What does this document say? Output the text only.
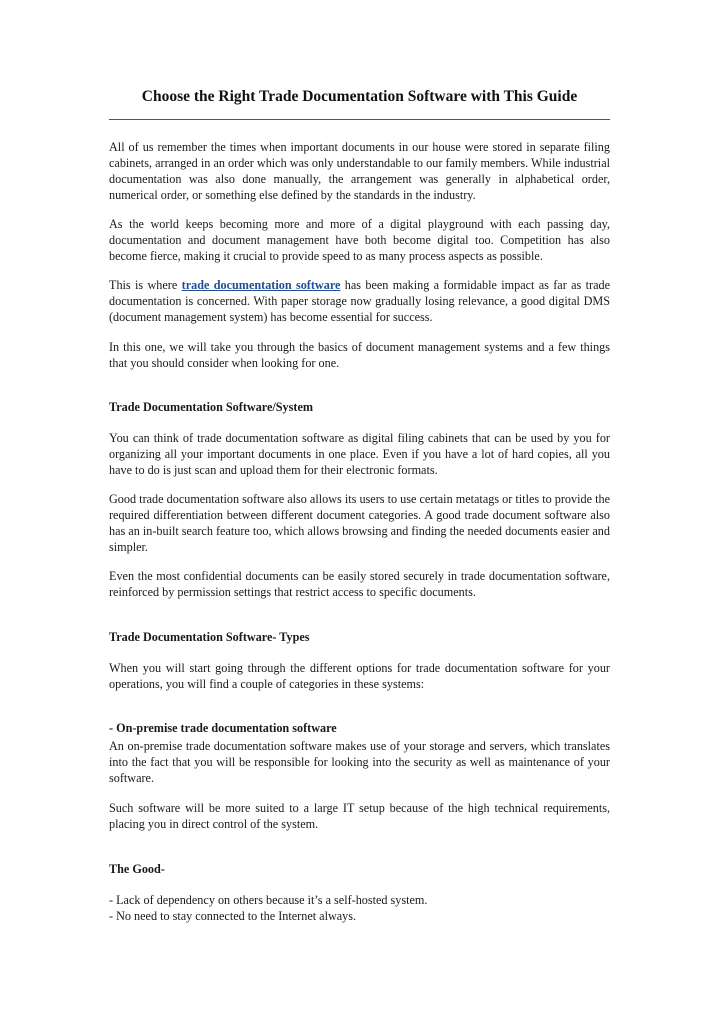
Choose the Right Trade Documentation Software with This Guide

All of us remember the times when important documents in our house were stored in separate filing cabinets, arranged in an order which was only understandable to our family members. While industrial documentation was also done manually, the arrangement was generally in alphabetical order, numerical order, or something else defined by the standards in the industry.

As the world keeps becoming more and more of a digital playground with each passing day, documentation and document management have both become digital too. Competition has also become fierce, making it crucial to provide speed to as many process aspects as possible.

This is where trade documentation software has been making a formidable impact as far as trade documentation is concerned. With paper storage now gradually losing relevance, a good digital DMS (document management system) has become essential for success.

In this one, we will take you through the basics of document management systems and a few things that you should consider when looking for one.

Trade Documentation Software/System

You can think of trade documentation software as digital filing cabinets that can be used by you for organizing all your important documents in one place. Even if you have a lot of hard copies, all you have to do is just scan and upload them for their electronic formats.

Good trade documentation software also allows its users to use certain metatags or titles to provide the required differentiation between different document categories. A good trade document software also has an in-built search feature too, which allows browsing and finding the needed documents easier and simpler.

Even the most confidential documents can be easily stored securely in trade documentation software, reinforced by permission settings that restrict access to specific documents.

Trade Documentation Software- Types

When you will start going through the different options for trade documentation software for your operations, you will find a couple of categories in these systems:

- On-premise trade documentation software

An on-premise trade documentation software makes use of your storage and servers, which translates into the fact that you will be responsible for looking into the security as well as maintenance of your software.

Such software will be more suited to a large IT setup because of the high technical requirements, placing you in direct control of the system.

The Good-

- Lack of dependency on others because it’s a self-hosted system.

- No need to stay connected to the Internet always.
